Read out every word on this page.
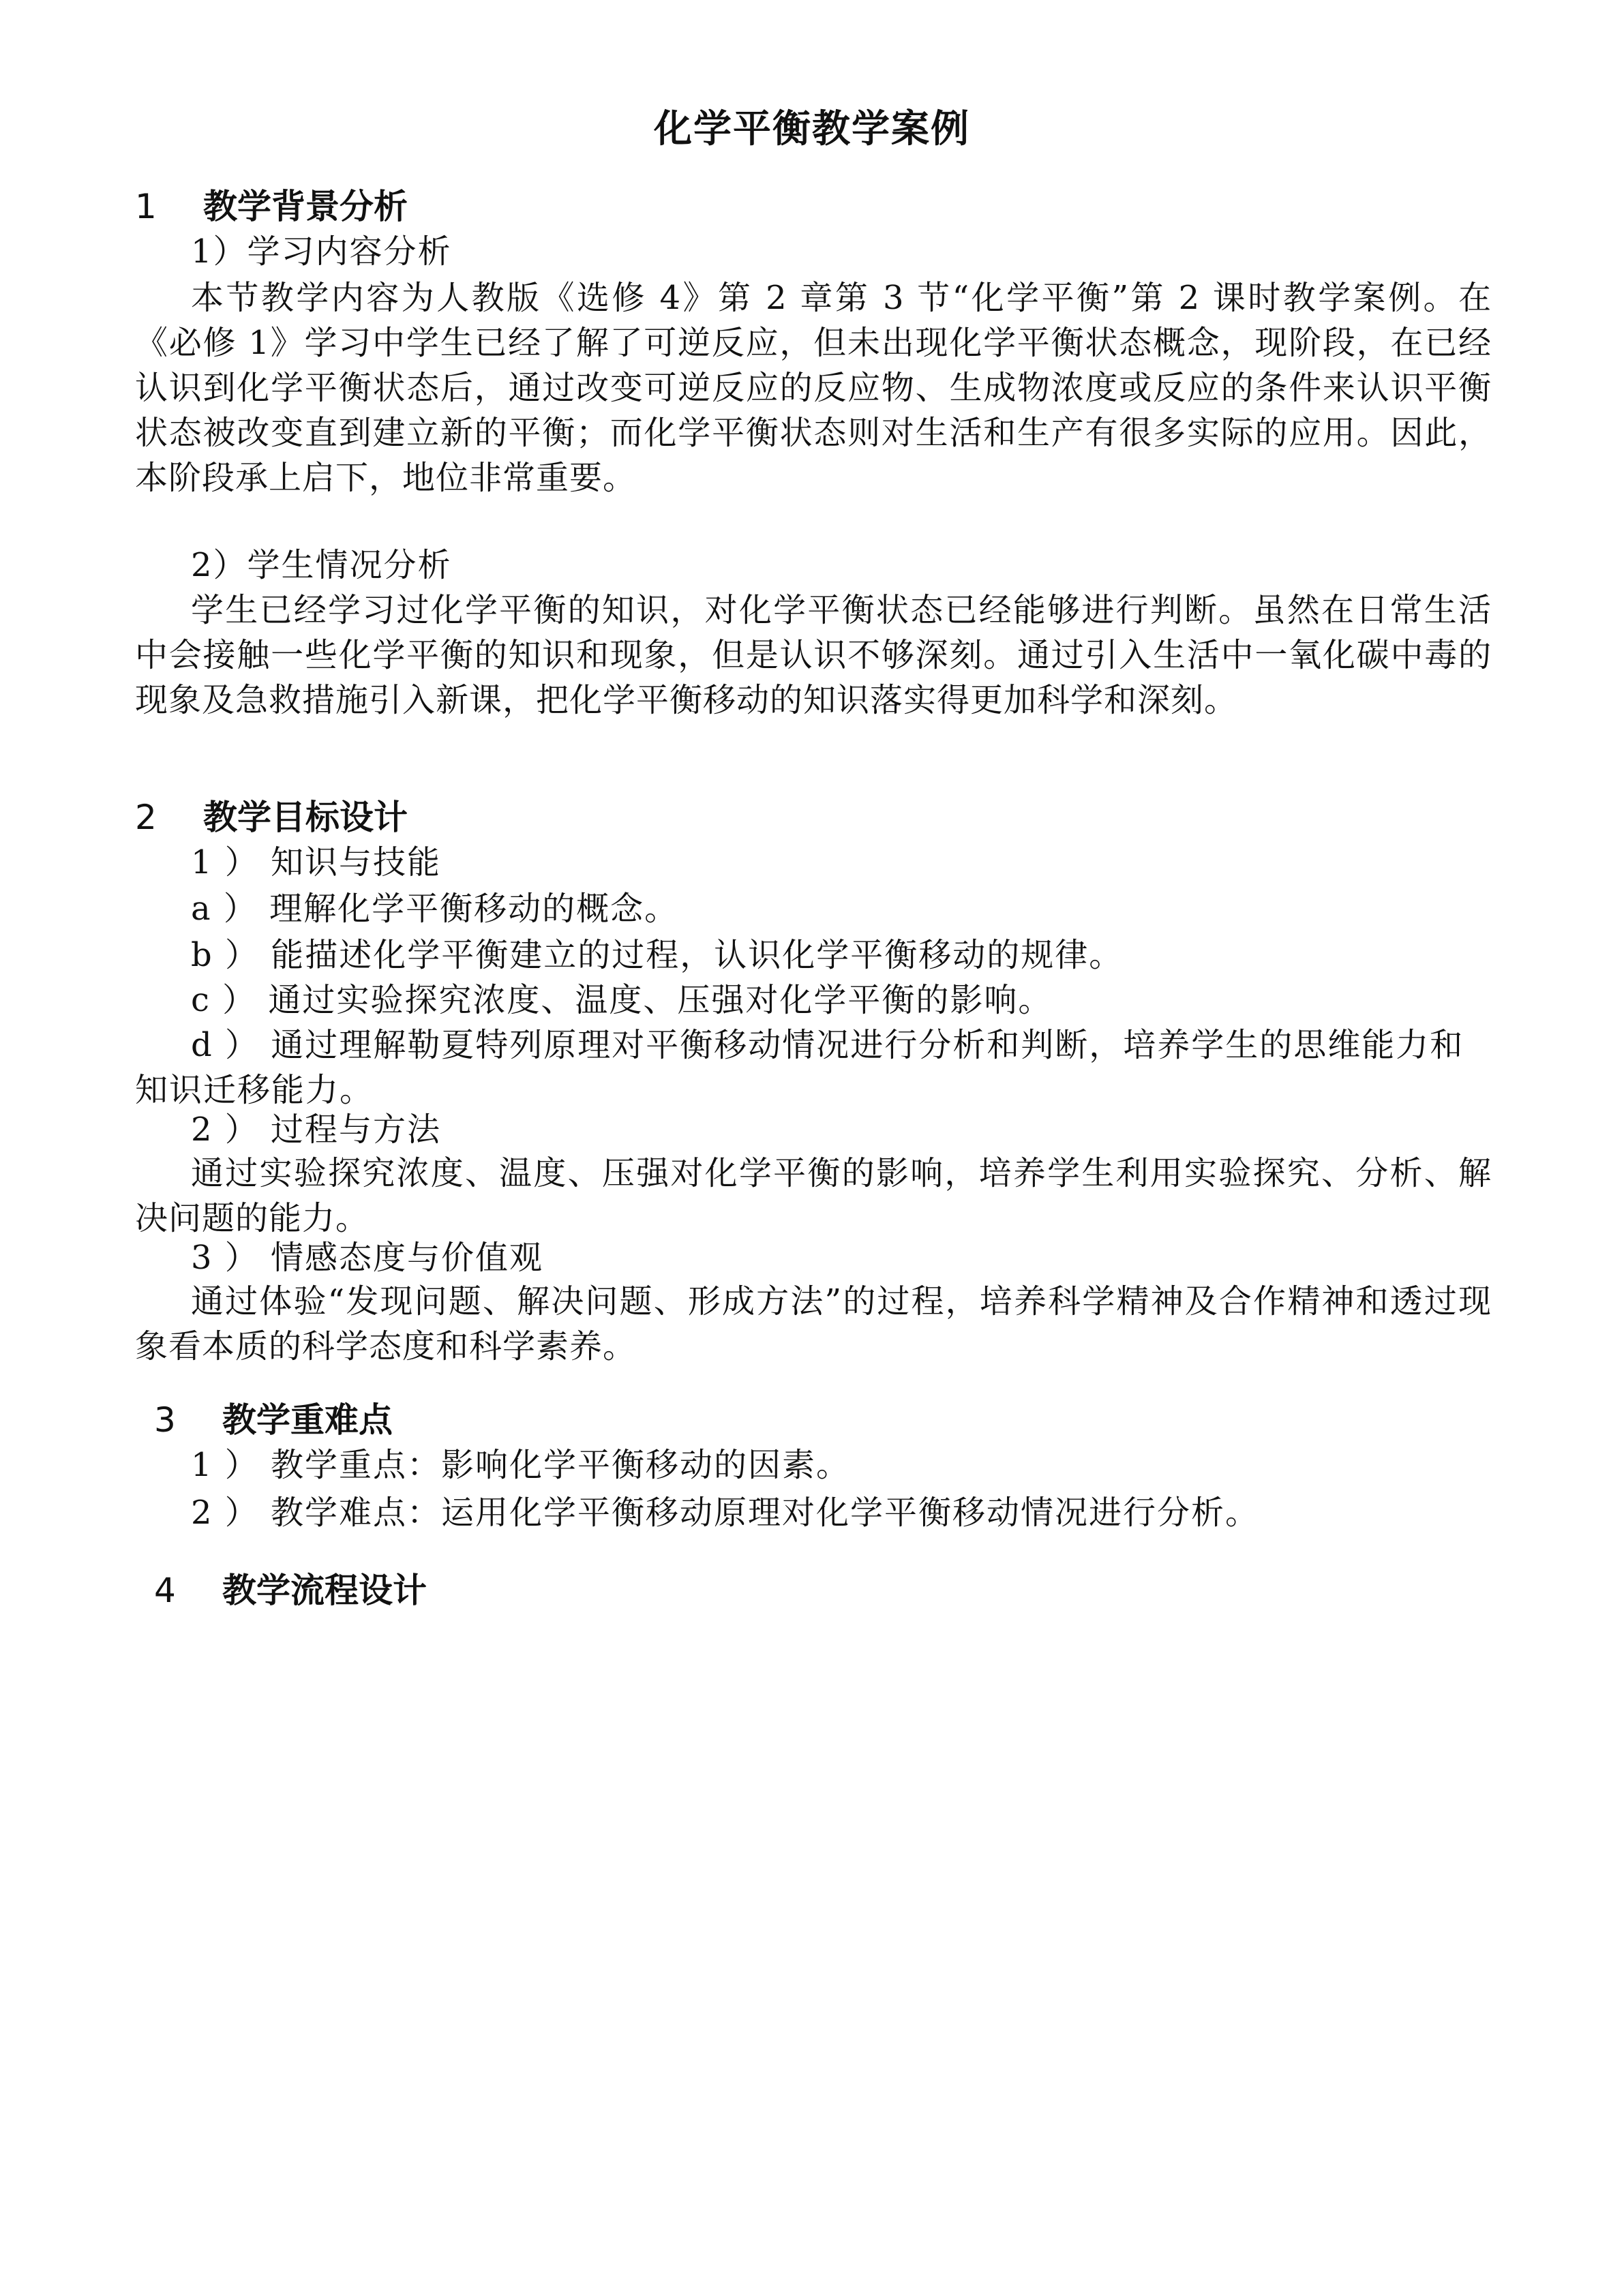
化学平衡教学案例
1 教学背景分析
1）学习内容分析
本节教学内容为人教版《选修 4》第 2 章第 3 节“化学平衡”第 2 课时教学案例。在《必修 1》学习中学生已经了解了可逆反应，但未出现化学平衡状态概念，现阶段，在已经认识到化学平衡状态后，通过改变可逆反应的反应物、生成物浓度或反应的条件来认识平衡状态被改变直到建立新的平衡；而化学平衡状态则对生活和生产有很多实际的应用。因此，本阶段承上启下，地位非常重要。
2）学生情况分析
学生已经学习过化学平衡的知识，对化学平衡状态已经能够进行判断。虽然在日常生活中会接触一些化学平衡的知识和现象，但是认识不够深刻。通过引入生活中一氧化碳中毒的现象及急救措施引入新课，把化学平衡移动的知识落实得更加科学和深刻。
2 教学目标设计
1 ） 知识与技能
a ） 理解化学平衡移动的概念。
b ） 能描述化学平衡建立的过程，认识化学平衡移动的规律。
c ） 通过实验探究浓度、温度、压强对化学平衡的影响。
d ） 通过理解勒夏特列原理对平衡移动情况进行分析和判断，培养学生的思维能力和知识迁移能力。
2 ） 过程与方法
通过实验探究浓度、温度、压强对化学平衡的影响，培养学生利用实验探究、分析、解决问题的能力。
3 ） 情感态度与价值观
通过体验“发现问题、解决问题、形成方法”的过程，培养科学精神及合作精神和透过现象看本质的科学态度和科学素养。
3 教学重难点
1 ） 教学重点：影响化学平衡移动的因素。
2 ） 教学难点：运用化学平衡移动原理对化学平衡移动情况进行分析。
4 教学流程设计
